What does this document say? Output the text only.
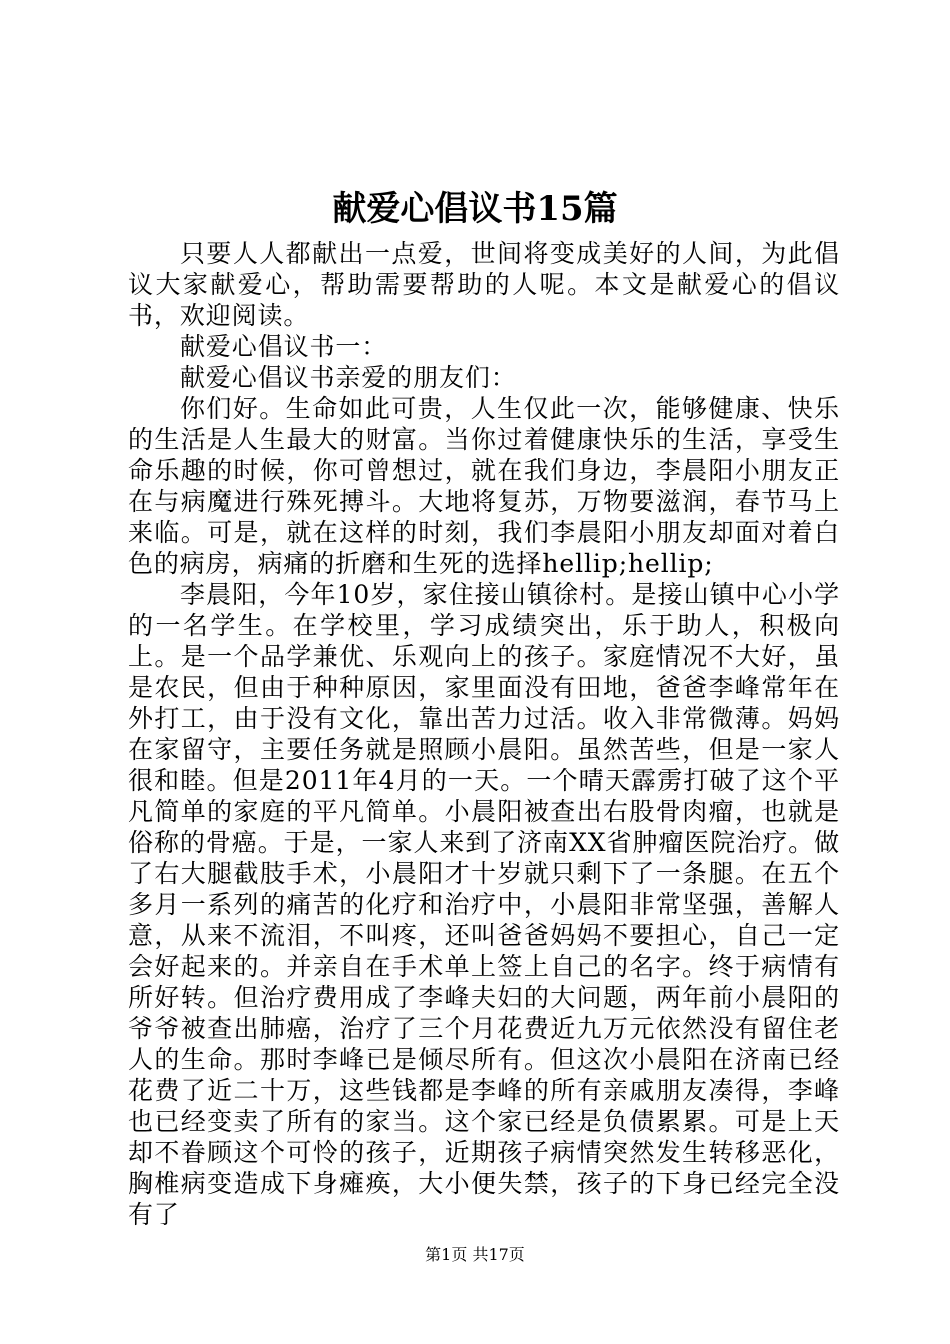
献爱心倡议书15篇

只要人人都献出一点爱，世间将变成美好的人间，为此倡议大家献爱心，帮助需要帮助的人呢。本文是献爱心的倡议书，欢迎阅读。

献爱心倡议书一：

献爱心倡议书亲爱的朋友们：

你们好。生命如此可贵，人生仅此一次，能够健康、快乐的生活是人生最大的财富。当你过着健康快乐的生活，享受生命乐趣的时候，你可曾想过，就在我们身边，李晨阳小朋友正在与病魔进行殊死搏斗。大地将复苏，万物要滋润，春节马上来临。可是，就在这样的时刻，我们李晨阳小朋友却面对着白色的病房，病痛的折磨和生死的选择hellip;hellip;

李晨阳，今年10岁，家住接山镇徐村。是接山镇中心小学的一名学生。在学校里，学习成绩突出，乐于助人，积极向上。是一个品学兼优、乐观向上的孩子。家庭情况不大好，虽是农民，但由于种种原因，家里面没有田地，爸爸李峰常年在外打工，由于没有文化，靠出苦力过活。收入非常微薄。妈妈在家留守，主要任务就是照顾小晨阳。虽然苦些，但是一家人很和睦。但是2011年4月的一天。一个晴天霹雳打破了这个平凡简单的家庭的平凡简单。小晨阳被查出右股骨肉瘤，也就是俗称的骨癌。于是，一家人来到了济南XX省肿瘤医院治疗。做了右大腿截肢手术，小晨阳才十岁就只剩下了一条腿。在五个多月一系列的痛苦的化疗和治疗中，小晨阳非常坚强，善解人意，从来不流泪，不叫疼，还叫爸爸妈妈不要担心，自己一定会好起来的。并亲自在手术单上签上自己的名字。终于病情有所好转。但治疗费用成了李峰夫妇的大问题，两年前小晨阳的爷爷被查出肺癌，治疗了三个月花费近九万元依然没有留住老人的生命。那时李峰已是倾尽所有。但这次小晨阳在济南已经花费了近二十万，这些钱都是李峰的所有亲戚朋友凑得，李峰也已经变卖了所有的家当。这个家已经是负债累累。可是上天却不眷顾这个可怜的孩子，近期孩子病情突然发生转移恶化，胸椎病变造成下身瘫痪，大小便失禁，孩子的下身已经完全没有了

第1页 共17页
